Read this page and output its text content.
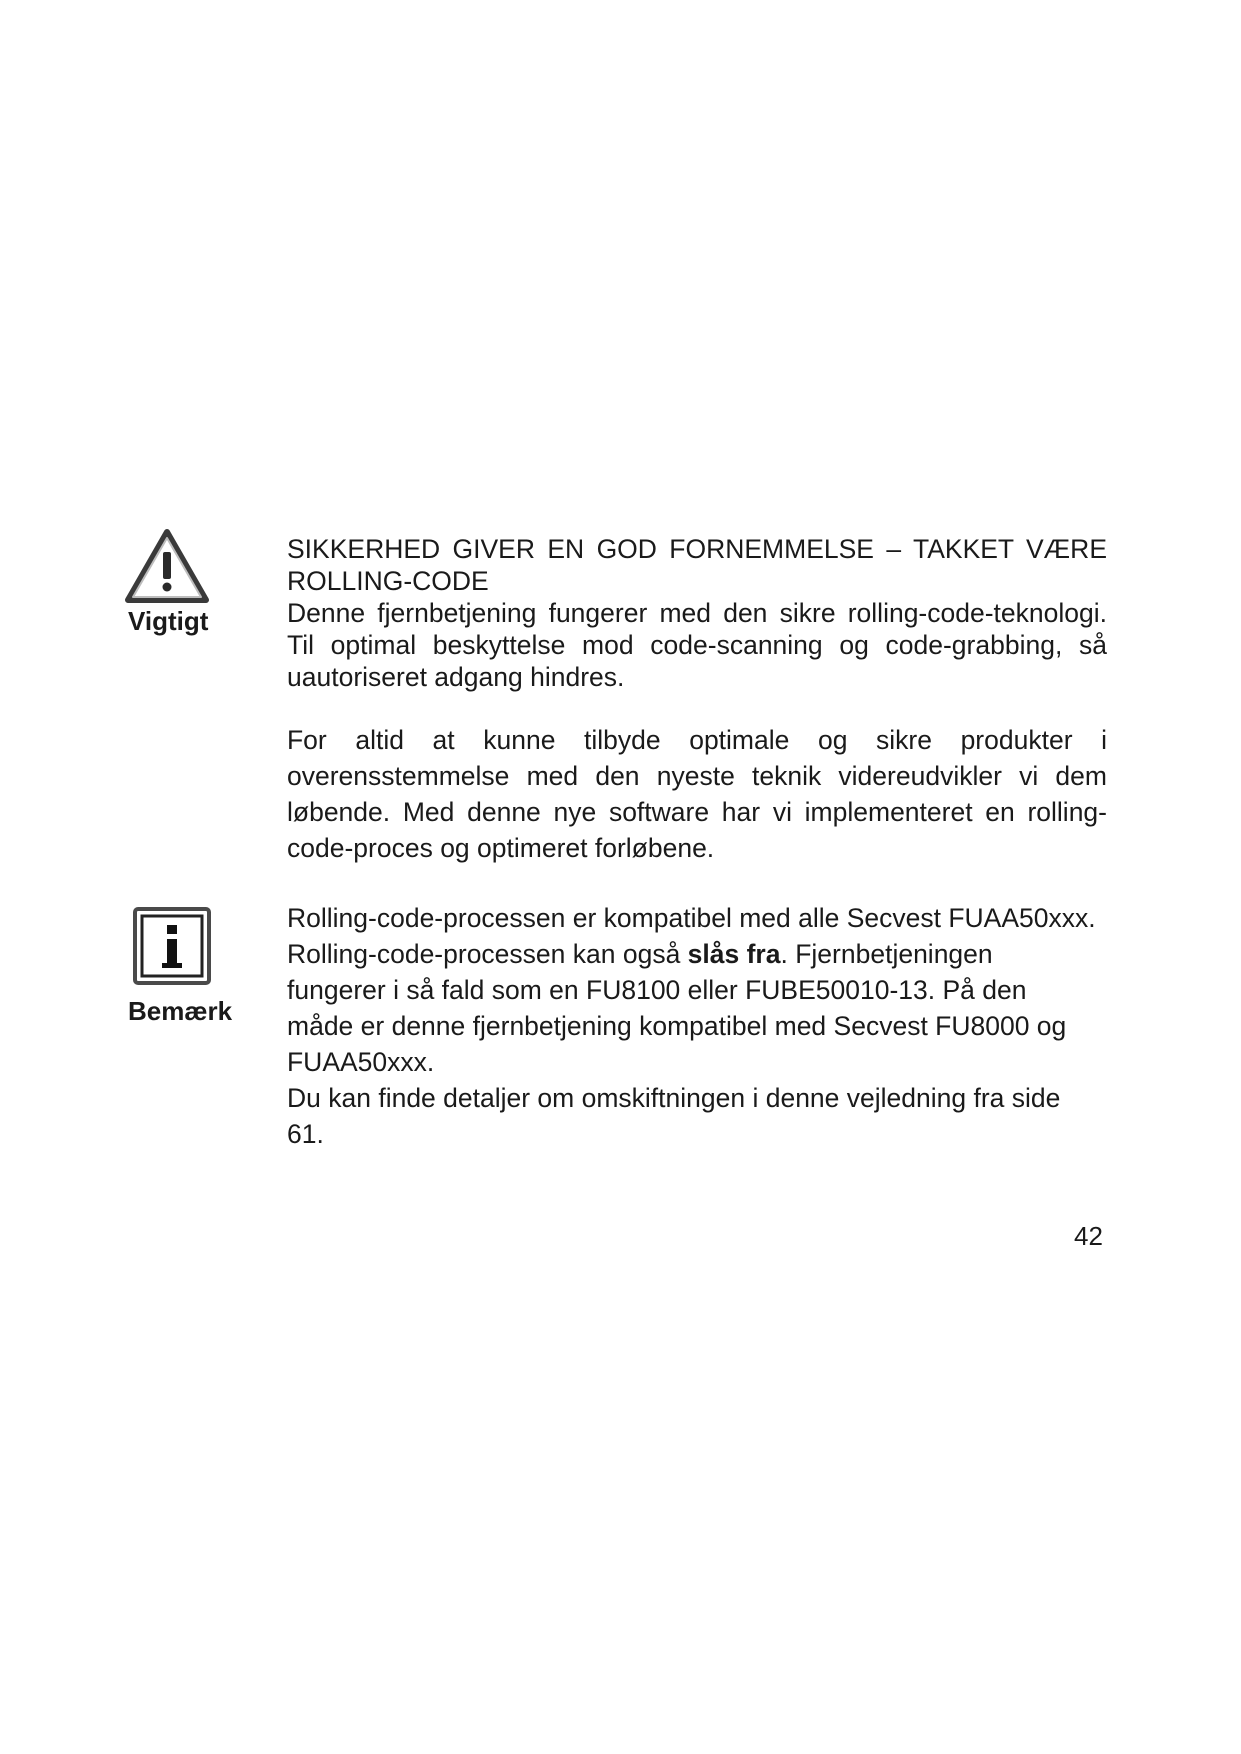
Vigtigt
SIKKERHED GIVER EN GOD FORNEMMELSE – TAKKET VÆRE ROLLING-CODE
Denne fjernbetjening fungerer med den sikre rolling-code-teknologi. Til optimal beskyttelse mod code-scanning og code-grabbing, så uautoriseret adgang hindres.
For altid at kunne tilbyde optimale og sikre produkter i overensstemmelse med den nyeste teknik videreudvikler vi dem løbende. Med denne nye software har vi implementeret en rolling-code-proces og optimeret forløbene.
Bemærk
Rolling-code-processen er kompatibel med alle Secvest FUAA50xxx.
Rolling-code-processen kan også slås fra. Fjernbetjeningen fungerer i så fald som en FU8100 eller FUBE50010-13. På den måde er denne fjernbetjening kompatibel med Secvest FU8000 og FUAA50xxx.
Du kan finde detaljer om omskiftningen i denne vejledning fra side 61.
42
